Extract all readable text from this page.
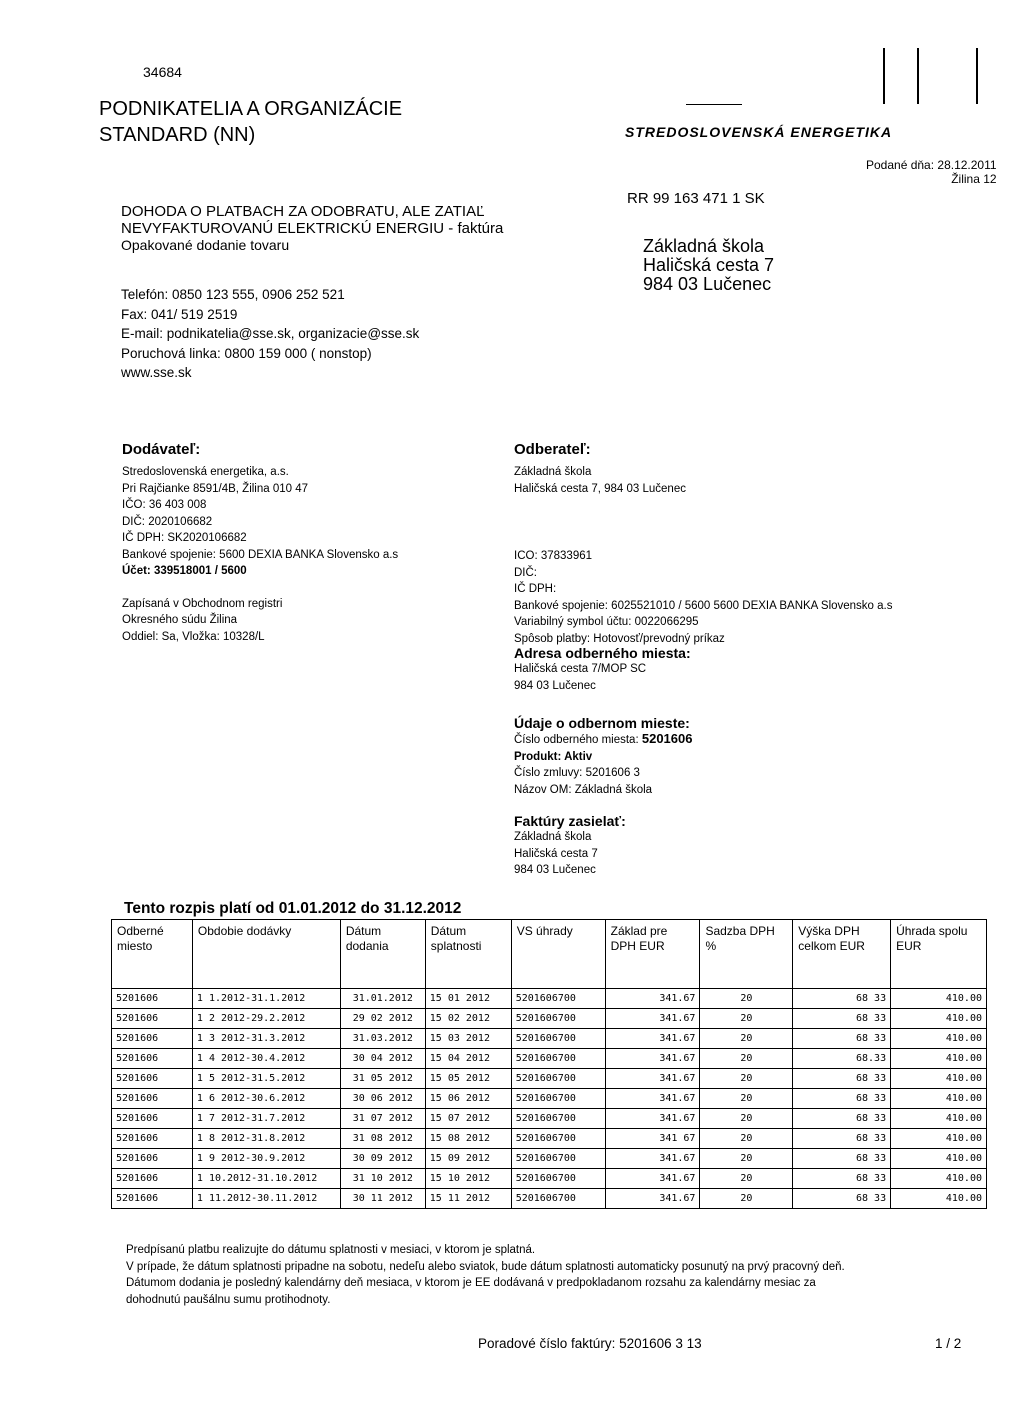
34684
PODNIKATELIA A ORGANIZÁCIE
STANDARD (NN)
DOHODA O PLATBACH ZA ODOBRATU, ALE ZATIAĽ
NEVYFAKTUROVANÚ ELEKTRICKÚ ENERGIU - faktúra
Opakované dodanie tovaru
Telefón: 0850 123 555, 0906 252 521
Fax: 041/ 519 2519
E-mail: podnikatelia@sse.sk, organizacie@sse.sk
Poruchová linka: 0800 159 000 ( nonstop)
www.sse.sk
STREDOSLOVENSKÁ ENERGETIKA
Podané dňa: 28.12.2011
Žilina 12
RR 99 163 471 1 SK
Základná škola
Haličská cesta 7
984 03 Lučenec
Dodávateľ:
Stredoslovenská energetika, a.s.
Pri Rajčianke 8591/4B, Žilina 010 47
IČO: 36 403 008
DIČ: 2020106682
IČ DPH: SK2020106682
Bankové spojenie: 5600 DEXIA BANKA Slovensko a.s
Účet: 339518001 / 5600
Zapísaná v Obchodnom registri
Okresného súdu Žilina
Oddiel: Sa, Vložka: 10328/L
Odberateľ:
Základná škola
Haličská cesta 7, 984 03 Lučenec
ICO: 37833961
DIČ:
IČ DPH:
Bankové spojenie: 6025521010 / 5600 5600 DEXIA BANKA Slovensko a.s
Variabilný symbol účtu: 0022066295
Spôsob platby: Hotovosť/prevodný príkaz
Adresa odberného miesta:
Haličská cesta 7/MOP SC
984 03 Lučenec
Údaje o odbernom mieste:
Číslo odberného miesta: 5201606
Produkt: Aktiv
Číslo zmluvy: 5201606 3
Názov OM: Základná škola
Faktúry zasielať:
Základná škola
Haličská cesta 7
984 03 Lučenec
Tento rozpis platí od 01.01.2012 do 31.12.2012
Odberné miesto	Obdobie dodávky	Dátum dodania	Dátum splatnosti	VS úhrady	Základ pre DPH EUR	Sadzba DPH %	Výška DPH celkom EUR	Úhrada spolu EUR
5201606	1 1.2012-31.1.2012	31.01.2012	15 01 2012	5201606700	341.67	20	68 33	410.00
5201606	1 2 2012-29.2.2012	29 02 2012	15 02 2012	5201606700	341.67	20	68 33	410.00
5201606	1 3 2012-31.3.2012	31.03.2012	15 03 2012	5201606700	341.67	20	68 33	410.00
5201606	1 4 2012-30.4.2012	30 04 2012	15 04 2012	5201606700	341.67	20	68.33	410.00
5201606	1 5 2012-31.5.2012	31 05 2012	15 05 2012	5201606700	341.67	20	68 33	410.00
5201606	1 6 2012-30.6.2012	30 06 2012	15 06 2012	5201606700	341.67	20	68 33	410.00
5201606	1 7 2012-31.7.2012	31 07 2012	15 07 2012	5201606700	341.67	20	68 33	410.00
5201606	1 8 2012-31.8.2012	31 08 2012	15 08 2012	5201606700	341 67	20	68 33	410.00
5201606	1 9 2012-30.9.2012	30 09 2012	15 09 2012	5201606700	341.67	20	68 33	410.00
5201606	1 10.2012-31.10.2012	31 10 2012	15 10 2012	5201606700	341.67	20	68 33	410.00
5201606	1 11.2012-30.11.2012	30 11 2012	15 11 2012	5201606700	341.67	20	68 33	410.00
Predpísanú platbu realizujte do dátumu splatnosti v mesiaci, v ktorom je splatná.
V prípade, že dátum splatnosti pripadne na sobotu, nedeľu alebo sviatok, bude dátum splatnosti automaticky posunutý na prvý pracovný deň.
Dátumom dodania je posledný kalendárny deň mesiaca, v ktorom je EE dodávaná v predpokladanom rozsahu za kalendárny mesiac za
dohodnutú paušálnu sumu protihodnoty.
Poradové číslo faktúry: 5201606 3 13	1 / 2
